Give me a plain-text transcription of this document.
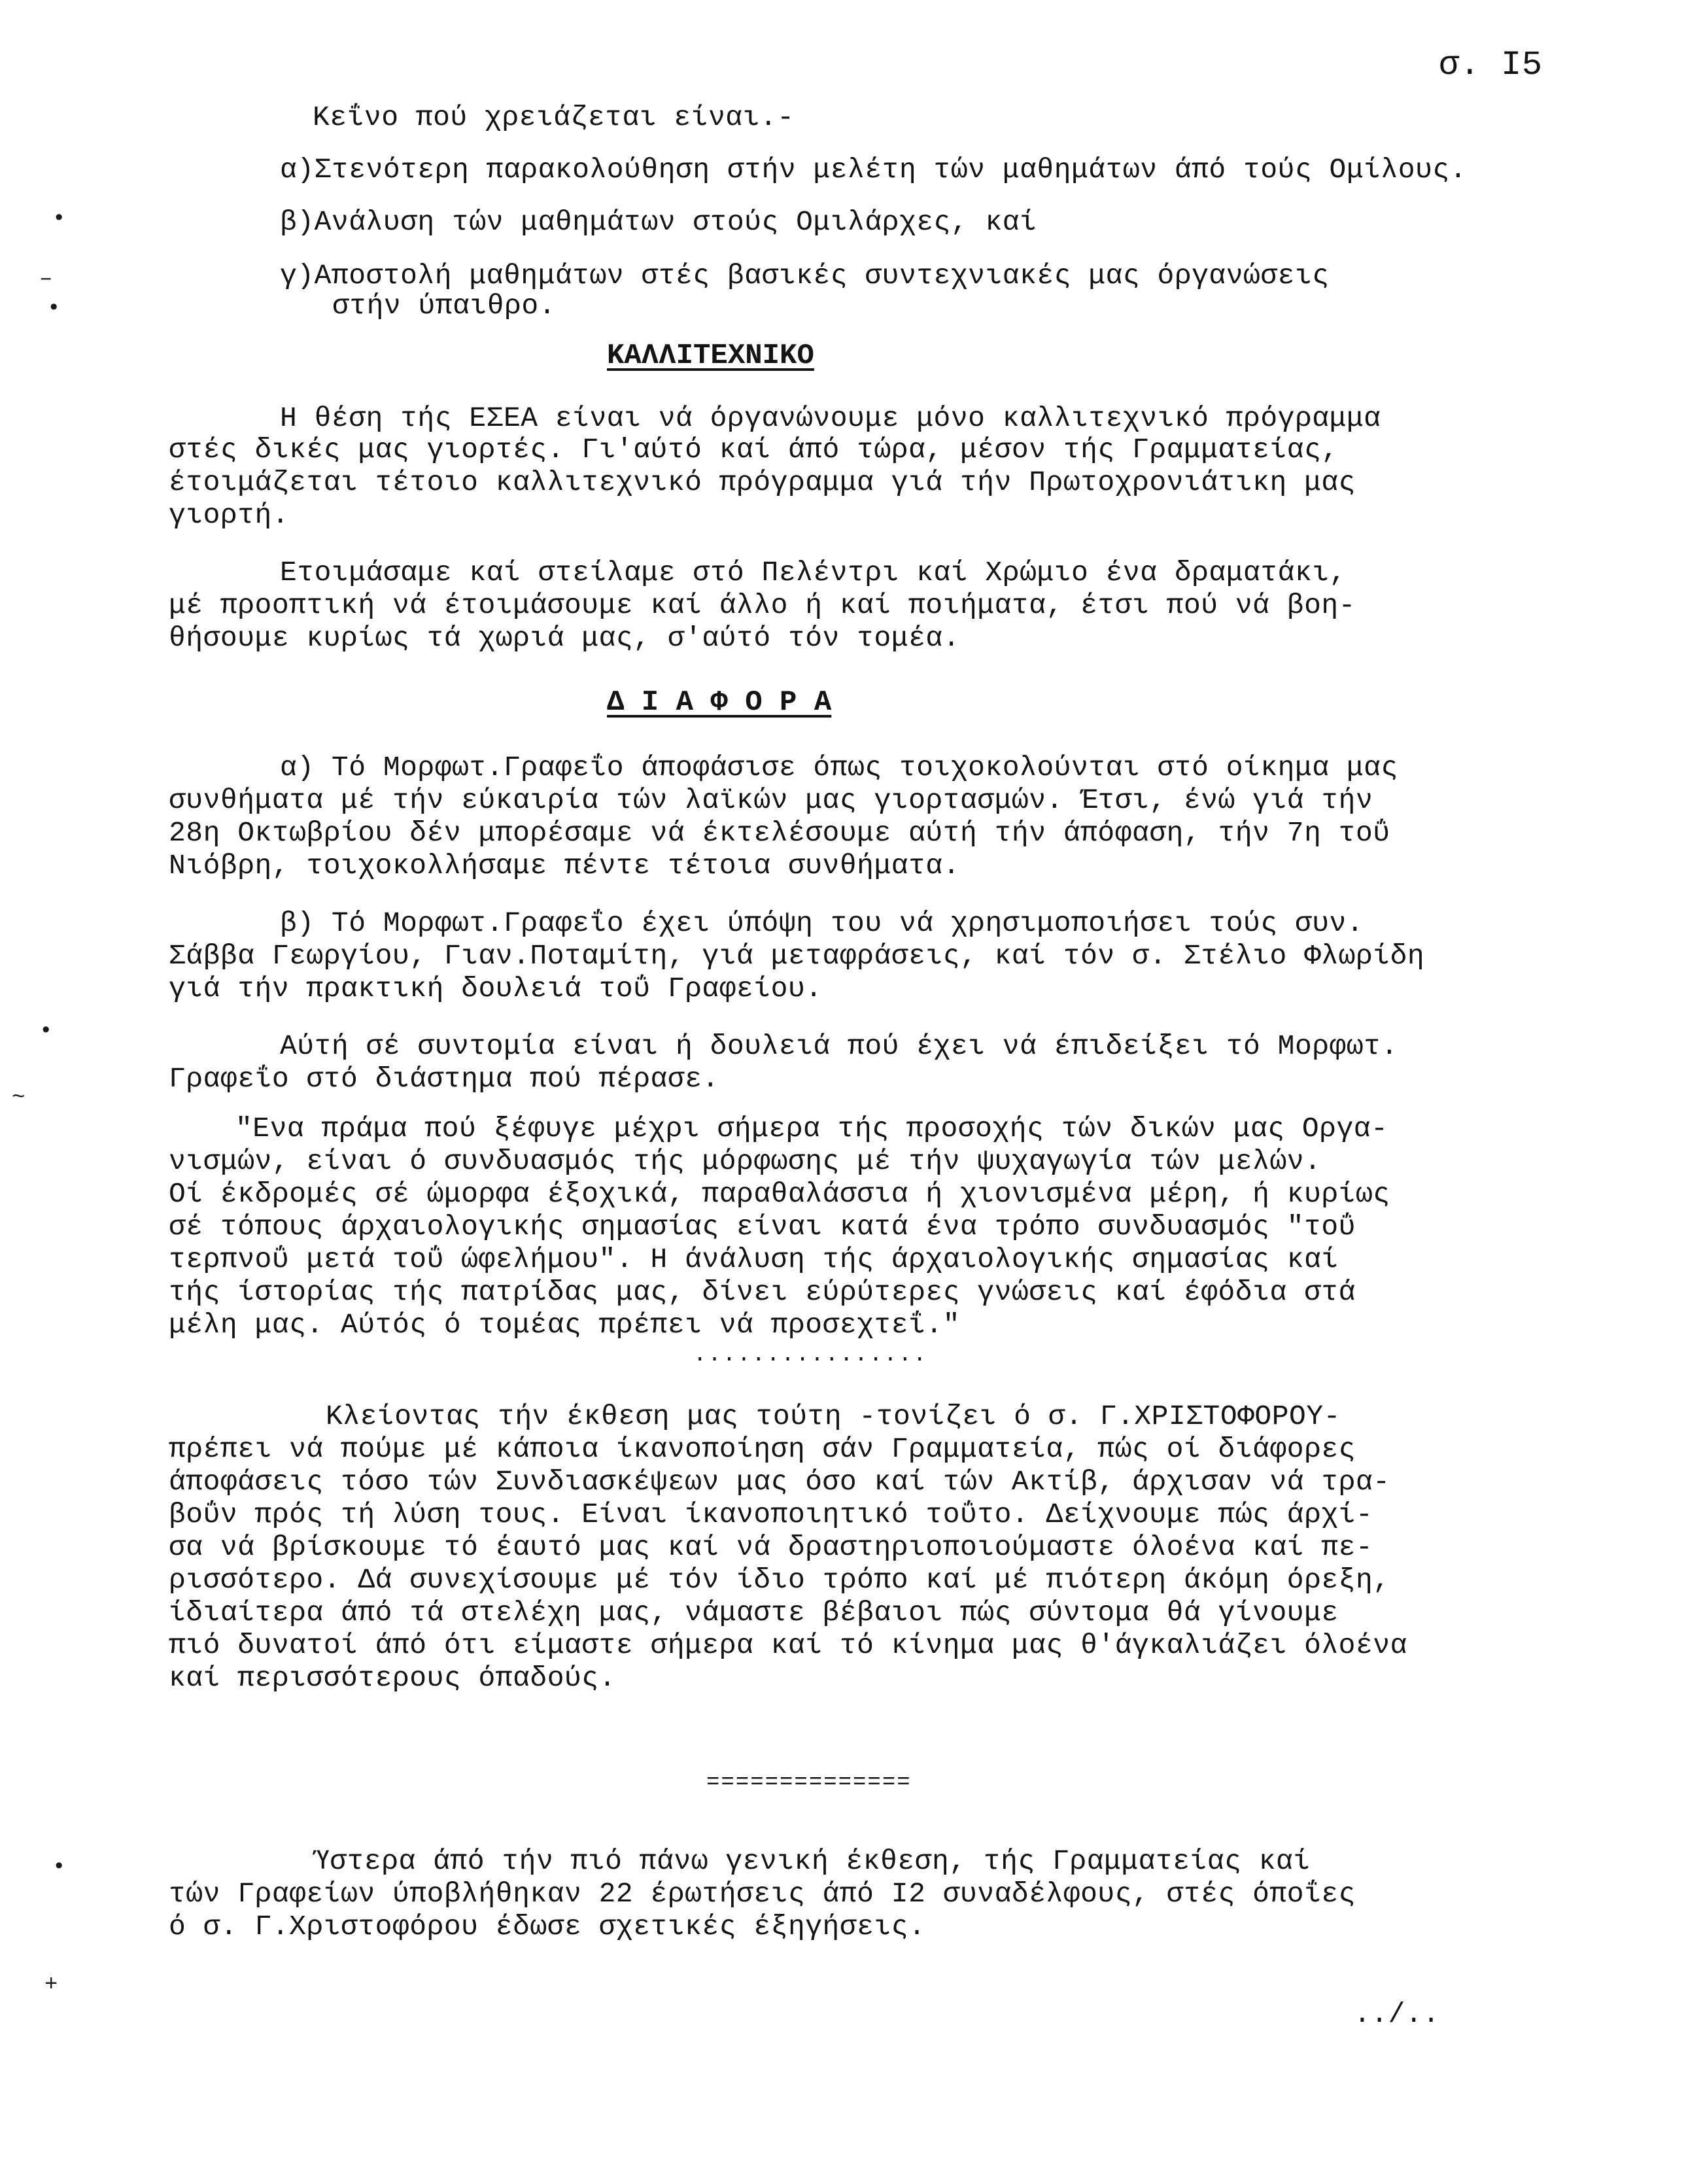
σ. Ι5
Κεΐνο πού χρειάζεται είναι.-
α)Στενότερη παρακολούθηση στήν μελέτη τών μαθημάτων άπό τούς Ομίλους.
β)Ανάλυση τών μαθημάτων στούς Ομιλάρχες, καί
γ)Αποστολή μαθημάτων στές βασικές συντεχνιακές μας όργανώσεις
στήν ύπαιθρο.
ΚΑΛΛΙΤΕΧΝΙΚΟ
Η θέση τής ΕΣΕΑ είναι νά όργανώνουμε μόνο καλλιτεχνικό πρόγραμμα
στές δικές μας γιορτές. Γι'αύτό καί άπό τώρα, μέσον τής Γραμματείας,
έτοιμάζεται τέτοιο καλλιτεχνικό πρόγραμμα γιά τήν Πρωτοχρονιάτικη μας
γιορτή.
Ετοιμάσαμε καί στείλαμε στό Πελέντρι καί Χρώμιο ένα δραματάκι,
μέ προοπτική νά έτοιμάσουμε καί άλλο ή καί ποιήματα, έτσι πού νά βοη-
θήσουμε κυρίως τά χωριά μας, σ'αύτό τόν τομέα.
Δ Ι Α Φ Ο Ρ Α
α) Τό Μορφωτ.Γραφεΐο άποφάσισε όπως τοιχοκολούνται στό οίκημα μας
συνθήματα μέ τήν εύκαιρία τών λαϊκών μας γιορτασμών. Έτσι, ένώ γιά τήν
28η Οκτωβρίου δέν μπορέσαμε νά έκτελέσουμε αύτή τήν άπόφαση, τήν 7η τοΰ
Νιόβρη, τοιχοκολλήσαμε πέντε τέτοια συνθήματα.
β) Τό Μορφωτ.Γραφεΐο έχει ύπόψη του νά χρησιμοποιήσει τούς συν.
Σάββα Γεωργίου, Γιαν.Ποταμίτη, γιά μεταφράσεις, καί τόν σ. Στέλιο Φλωρίδη
γιά τήν πρακτική δουλειά τοΰ Γραφείου.
Αύτή σέ συντομία είναι ή δουλειά πού έχει νά έπιδείξει τό Μορφωτ.
Γραφεΐο στό διάστημα πού πέρασε.
"Ενα πράμα πού ξέφυγε μέχρι σήμερα τής προσοχής τών δικών μας Οργα-
νισμών, είναι ό συνδυασμός τής μόρφωσης μέ τήν ψυχαγωγία τών μελών.
Οί έκδρομές σέ ώμορφα έξοχικά, παραθαλάσσια ή χιονισμένα μέρη, ή κυρίως
σέ τόπους άρχαιολογικής σημασίας είναι κατά ένα τρόπο συνδυασμός "τοΰ
τερπνοΰ μετά τοΰ ώφελήμου". Η άνάλυση τής άρχαιολογικής σημασίας καί
τής ίστορίας τής πατρίδας μας, δίνει εύρύτερες γνώσεις καί έφόδια στά
μέλη μας. Αύτός ό τομέας πρέπει νά προσεχτεΐ."
................
Κλείοντας τήν έκθεση μας τούτη -τονίζει ό σ. Γ.ΧΡΙΣΤΟΦΟΡΟΥ-
πρέπει νά πούμε μέ κάποια ίκανοποίηση σάν Γραμματεία, πώς οί διάφορες
άποφάσεις τόσο τών Συνδιασκέψεων μας όσο καί τών Ακτίβ, άρχισαν νά τρα-
βοΰν πρός τή λύση τους. Είναι ίκανοποιητικό τοΰτο. Δείχνουμε πώς άρχί-
σα νά βρίσκουμε τό έαυτό μας καί νά δραστηριοποιούμαστε όλοένα καί πε-
ρισσότερο. Δά συνεχίσουμε μέ τόν ίδιο τρόπο καί μέ πιότερη άκόμη όρεξη,
ίδιαίτερα άπό τά στελέχη μας, νάμαστε βέβαιοι πώς σύντομα θά γίνουμε
πιό δυνατοί άπό ότι είμαστε σήμερα καί τό κίνημα μας θ'άγκαλιάζει όλοένα
καί περισσότερους όπαδούς.
==============
Ύστερα άπό τήν πιό πάνω γενική έκθεση, τής Γραμματείας καί
τών Γραφείων ύποβλήθηκαν 22 έρωτήσεις άπό Ι2 συναδέλφους, στές όποΐες
ό σ. Γ.Χριστοφόρου έδωσε σχετικές έξηγήσεις.
../..
•
–
•
•
~
•
+
